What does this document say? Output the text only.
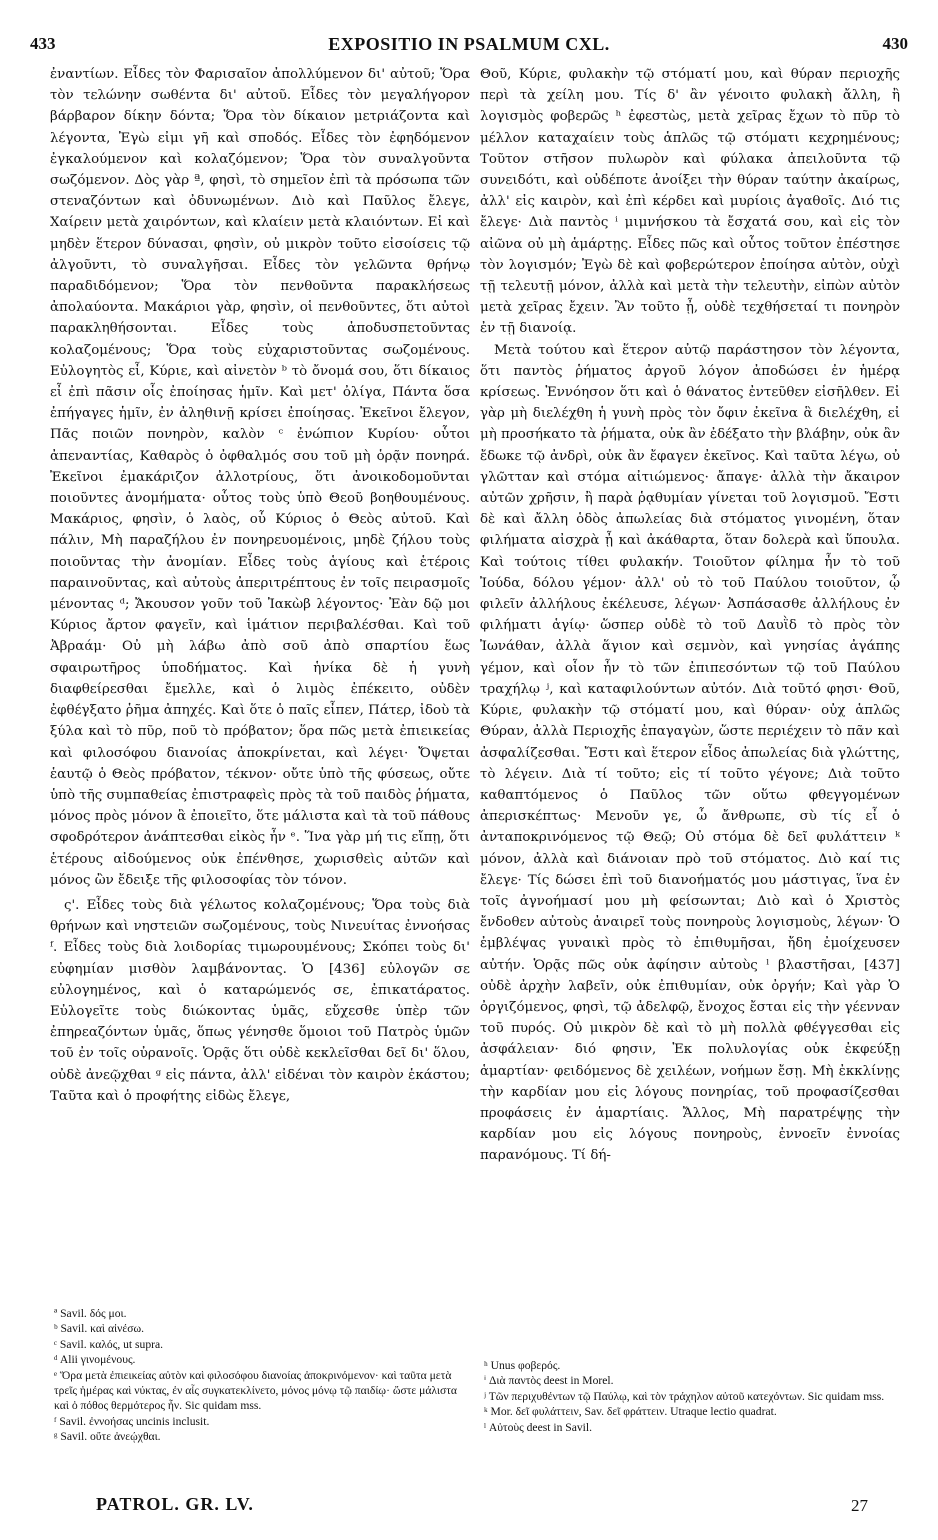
433	EXPOSITIO IN PSALMUM CXL.	430

ἐναντίων. Εἶδες τὸν Φαρισαῖον ἀπολλύμενον δι' αὐτοῦ; Ὅρα τὸν τελώνην σωθέντα δι' αὐτοῦ. Εἶδες τὸν μεγαλήγορον βάρβαρον δίκην δόντα; Ὅρα τὸν δίκαιον μετριάζοντα καὶ λέγοντα, Ἐγὼ εἰμι γῆ καὶ σποδός. Εἶδες τὸν ἐφηδόμενον ἐγκαλούμενον καὶ κολαζόμενον; Ὅρα τὸν συναλγοῦντα σωζόμενον. Δὸς γὰρ ª, φησὶ, τὸ σημεῖον ἐπὶ τὰ πρόσωπα τῶν στεναζόντων καὶ ὀδυνωμένων. Διὸ καὶ Παῦλος ἔλεγε, Χαίρειν μετὰ χαιρόντων, καὶ κλαίειν μετὰ κλαιόντων. Εἰ καὶ μηδὲν ἕτερον δύνασαι, φησὶν, οὐ μικρὸν τοῦτο εἰσοίσεις τῷ ἀλγοῦντι, τὸ συναλγῆσαι. Εἶδες τὸν γελῶντα θρήνῳ παραδιδόμενον; Ὅρα τὸν πενθοῦντα παρακλήσεως ἀπολαύοντα. Μακάριοι γὰρ, φησὶν, οἱ πενθοῦντες, ὅτι αὐτοὶ παρακληθήσονται. Εἶδες τοὺς ἀποδυσπετοῦντας κολαζομένους; Ὅρα τοὺς εὐχαριστοῦντας σωζομένους. Εὐλογητὸς εἶ, Κύριε, καὶ αἰνετὸν ᵇ τὸ ὄνομά σου, ὅτι δίκαιος εἶ ἐπὶ πᾶσιν οἷς ἐποίησας ἡμῖν. Καὶ μετ' ὀλίγα, Πάντα ὅσα ἐπήγαγες ἡμῖν, ἐν ἀληθινῇ κρίσει ἐποίησας. Ἐκεῖνοι ἔλεγον, Πᾶς ποιῶν πονηρὸν, καλὸν ᶜ ἐνώπιον Κυρίου· οὗτοι ἀπεναντίας, Καθαρὸς ὁ ὀφθαλμός σου τοῦ μὴ ὁρᾷν πονηρά. Ἐκεῖνοι ἐμακάριζον ἀλλοτρίους, ὅτι ἀνοικοδομοῦνται ποιοῦντες ἀνομήματα· οὗτος τοὺς ὑπὸ Θεοῦ βοηθουμένους. Μακάριος, φησὶν, ὁ λαὸς, οὗ Κύριος ὁ Θεὸς αὐτοῦ. Καὶ πάλιν, Μὴ παραζήλου ἐν πονηρευομένοις, μηδὲ ζήλου τοὺς ποιοῦντας τὴν ἀνομίαν. Εἶδες τοὺς ἁγίους καὶ ἑτέροις παραινοῦντας, καὶ αὐτοὺς ἀπεριτρέπτους ἐν τοῖς πειρασμοῖς μένοντας ᵈ; Ἄκουσον γοῦν τοῦ Ἰακὼβ λέγοντος· Ἐὰν δῷ μοι Κύριος ἄρτον φαγεῖν, καὶ ἱμάτιον περιβαλέσθαι. Καὶ τοῦ Ἀβραάμ· Οὐ μὴ λάβω ἀπὸ σοῦ ἀπὸ σπαρτίου ἕως σφαιρωτῆρος ὑποδήματος. Καὶ ἡνίκα δὲ ἡ γυνὴ διαφθείρεσθαι ἔμελλε, καὶ ὁ λιμὸς ἐπέκειτο, οὐδὲν ἐφθέγξατο ῥῆμα ἀπηχές. Καὶ ὅτε ὁ παῖς εἶπεν, Πάτερ, ἰδοὺ τὰ ξύλα καὶ τὸ πῦρ, ποῦ τὸ πρόβατον; ὅρα πῶς μετὰ ἐπιεικείας καὶ φιλοσόφου διανοίας ἀποκρίνεται, καὶ λέγει· Ὄψεται ἑαυτῷ ὁ Θεὸς πρόβατον, τέκνον· οὔτε ὑπὸ τῆς φύσεως, οὔτε ὑπὸ τῆς συμπαθείας ἐπιστραφεὶς πρὸς τὰ τοῦ παιδὸς ῥήματα, μόνος πρὸς μόνον ἃ ἐποιεῖτο, ὅτε μάλιστα καὶ τὰ τοῦ πάθους σφοδρότερον ἀνάπτεσθαι εἰκὸς ἦν ᵉ. Ἵνα γὰρ μή τις εἴπῃ, ὅτι ἑτέρους αἰδούμενος οὐκ ἐπένθησε, χωρισθεὶς αὐτῶν καὶ μόνος ὢν ἔδειξε τῆς φιλοσοφίας τὸν τόνον.

ς'. Εἶδες τοὺς διὰ γέλωτος κολαζομένους; Ὅρα τοὺς διὰ θρήνων καὶ νηστειῶν σωζομένους, τοὺς Νινευίτας ἐννοήσας ᶠ. Εἶδες τοὺς διὰ λοιδορίας τιμωρουμένους; Σκόπει τοὺς δι' εὐφημίαν μισθὸν λαμβάνοντας. Ὁ [436] εὐλογῶν σε εὐλογημένος, καὶ ὁ καταρώμενός σε, ἐπικατάρατος. Εὐλογεῖτε τοὺς διώκοντας ὑμᾶς, εὔχεσθε ὑπὲρ τῶν ἐπηρεαζόντων ὑμᾶς, ὅπως γένησθε ὅμοιοι τοῦ Πατρὸς ὑμῶν τοῦ ἐν τοῖς οὐρανοῖς. Ὁρᾷς ὅτι οὐδὲ κεκλεῖσθαι δεῖ δι' ὅλου, οὐδὲ ἀνεῷχθαι ᵍ εἰς πάντα, ἀλλ' εἰδέναι τὸν καιρὸν ἑκάστου; Ταῦτα καὶ ὁ προφήτης εἰδὼς ἔλεγε,

Θοῦ, Κύριε, φυλακὴν τῷ στόματί μου, καὶ θύραν περιοχῆς περὶ τὰ χείλη μου. Τίς δ' ἂν γένοιτο φυλακὴ ἄλλη, ἢ λογισμὸς φοβερῶς ʰ ἐφεστὼς, μετὰ χεῖρας ἔχων τὸ πῦρ τὸ μέλλον καταχαίειν τοὺς ἁπλῶς τῷ στόματι κεχρημένους; Τοῦτον στῆσον πυλωρὸν καὶ φύλακα ἀπειλοῦντα τῷ συνειδότι, καὶ οὐδέποτε ἀνοίξει τὴν θύραν ταύτην ἀκαίρως, ἀλλ' εἰς καιρὸν, καὶ ἐπὶ κέρδει καὶ μυρίοις ἀγαθοῖς. Διό τις ἔλεγε· Διὰ παντὸς ⁱ μιμνήσκου τὰ ἔσχατά σου, καὶ εἰς τὸν αἰῶνα οὐ μὴ ἁμάρτῃς. Εἶδες πῶς καὶ οὗτος τοῦτον ἐπέστησε τὸν λογισμόν; Ἐγὼ δὲ καὶ φοβερώτερον ἐποίησα αὐτὸν, οὐχὶ τῇ τελευτῇ μόνον, ἀλλὰ καὶ μετὰ τὴν τελευτὴν, εἰπὼν αὐτὸν μετὰ χεῖρας ἔχειν. Ἂν τοῦτο ᾖ, οὐδὲ τεχθήσεταί τι πονηρὸν ἐν τῇ διανοίᾳ.

Μετὰ τούτου καὶ ἕτερον αὐτῷ παράστησον τὸν λέγοντα, ὅτι παντὸς ῥήματος ἀργοῦ λόγον ἀποδώσει ἐν ἡμέρᾳ κρίσεως. Ἐννόησον ὅτι καὶ ὁ θάνατος ἐντεῦθεν εἰσῆλθεν. Εἰ γὰρ μὴ διελέχθη ἡ γυνὴ πρὸς τὸν ὄφιν ἐκεῖνα ἃ διελέχθη, εἰ μὴ προσήκατο τὰ ῥήματα, οὐκ ἂν ἐδέξατο τὴν βλάβην, οὐκ ἂν ἔδωκε τῷ ἀνδρὶ, οὐκ ἂν ἔφαγεν ἐκεῖνος. Καὶ ταῦτα λέγω, οὐ γλῶτταν καὶ στόμα αἰτιώμενος· ἄπαγε· ἀλλὰ τὴν ἄκαιρον αὐτῶν χρῆσιν, ἢ παρὰ ῥᾳθυμίαν γίνεται τοῦ λογισμοῦ. Ἔστι δὲ καὶ ἄλλη ὁδὸς ἀπωλείας διὰ στόματος γινομένη, ὅταν φιλήματα αἰσχρὰ ᾖ καὶ ἀκάθαρτα, ὅταν δολερὰ καὶ ὕπουλα. Καὶ τούτοις τίθει φυλακήν. Τοιοῦτον φίλημα ἦν τὸ τοῦ Ἰούδα, δόλου γέμον· ἀλλ' οὐ τὸ τοῦ Παύλου τοιοῦτον, ᾧ φιλεῖν ἀλλήλους ἐκέλευσε, λέγων· Ἀσπάσασθε ἀλλήλους ἐν φιλήματι ἁγίῳ· ὥσπερ οὐδὲ τὸ τοῦ Δαυῒδ τὸ πρὸς τὸν Ἰωνάθαν, ἀλλὰ ἅγιον καὶ σεμνὸν, καὶ γνησίας ἀγάπης γέμον, καὶ οἷον ἦν τὸ τῶν ἐπιπεσόντων τῷ τοῦ Παύλου τραχήλῳ ʲ, καὶ καταφιλούντων αὐτόν. Διὰ τοῦτό φησι· Θοῦ, Κύριε, φυλακὴν τῷ στόματί μου, καὶ θύραν· οὐχ ἁπλῶς Θύραν, ἀλλὰ Περιοχῆς ἐπαγαγὼν, ὥστε περιέχειν τὸ πᾶν καὶ ἀσφαλίζεσθαι. Ἔστι καὶ ἕτερον εἶδος ἀπωλείας διὰ γλώττης, τὸ λέγειν. Διὰ τί τοῦτο; εἰς τί τοῦτο γέγονε; Διὰ τοῦτο καθαπτόμενος ὁ Παῦλος τῶν οὕτω φθεγγομένων ἀπερισκέπτως· Μενοῦν γε, ὦ ἄνθρωπε, σὺ τίς εἶ ὁ ἀνταποκρινόμενος τῷ Θεῷ; Οὐ στόμα δὲ δεῖ φυλάττειν ᵏ μόνον, ἀλλὰ καὶ διάνοιαν πρὸ τοῦ στόματος. Διὸ καί τις ἔλεγε· Τίς δώσει ἐπὶ τοῦ διανοήματός μου μάστιγας, ἵνα ἐν τοῖς ἀγνοήμασί μου μὴ φείσωνται; Διὸ καὶ ὁ Χριστὸς ἔνδοθεν αὐτοὺς ἀναιρεῖ τοὺς πονηροὺς λογισμοὺς, λέγων· Ὁ ἐμβλέψας γυναικὶ πρὸς τὸ ἐπιθυμῆσαι, ἤδη ἐμοίχευσεν αὐτήν. Ὁρᾷς πῶς οὐκ ἀφίησιν αὐτοὺς ˡ βλαστῆσαι, [437] οὐδὲ ἀρχὴν λαβεῖν, οὐκ ἐπιθυμίαν, οὐκ ὀργήν; Καὶ γὰρ Ὁ ὀργιζόμενος, φησὶ, τῷ ἀδελφῷ, ἔνοχος ἔσται εἰς τὴν γέενναν τοῦ πυρός. Οὐ μικρὸν δὲ καὶ τὸ μὴ πολλὰ φθέγγεσθαι εἰς ἀσφάλειαν· διό φησιν, Ἐκ πολυλογίας οὐκ ἐκφεύξῃ ἁμαρτίαν· φειδόμενος δὲ χειλέων, νοήμων ἔσῃ. Μὴ ἐκκλίνῃς τὴν καρδίαν μου εἰς λόγους πονηρίας, τοῦ προφασίζεσθαι προφάσεις ἐν ἁμαρτίαις. Ἄλλος, Μὴ παρατρέψῃς τὴν καρδίαν μου εἰς λόγους πονηροὺς, ἐννοεῖν ἐννοίας παρανόμους. Τί δή-

ª Savil. δός μοι.

ᵇ Savil. καὶ αἰνέσω.

ᶜ Savil. καλός, ut supra.

ᵈ Alii γινομένους.

ᵉ Ὅρα μετὰ ἐπιεικείας αὐτὸν καὶ φιλοσόφου διανοίας ἀποκρινόμενον· καὶ ταῦτα μετὰ τρεῖς ἡμέρας καὶ νύκτας, ἐν αἷς συγκατεκλίνετο, μόνος μόνῳ τῷ παιδίῳ· ὥστε μάλιστα καὶ ὁ πόθος θερμότερος ἦν. Sic quidam mss.

ᶠ Savil. ἐννοήσας uncinis inclusit.

ᵍ Savil. οὔτε ἀνεῴχθαι.

ʰ Unus φοβερός.

ⁱ Διὰ παντὸς deest in Morel.

ʲ Τῶν περιχυθέντων τῷ Παύλῳ, καὶ τὸν τράχηλον αὐτοῦ κατεχόντων. Sic quidam mss.

ᵏ Mor. δεῖ φυλάττειν, Sav. δεῖ φράττειν. Utraque lectio quadrat.

ˡ Αὐτοὺς deest in Savil.

PATROL. GR. LV.	27
